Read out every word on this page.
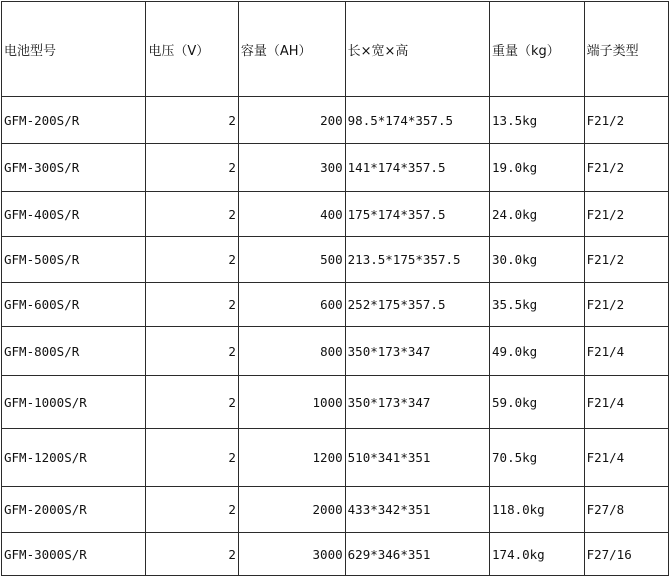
电池型号	电压（V）	容量（AH）	长×宽×高	重量（kg）	端子类型
GFM-200S/R	2	200	98.5*174*357.5	13.5kg	F21/2
GFM-300S/R	2	300	141*174*357.5	19.0kg	F21/2
GFM-400S/R	2	400	175*174*357.5	24.0kg	F21/2
GFM-500S/R	2	500	213.5*175*357.5	30.0kg	F21/2
GFM-600S/R	2	600	252*175*357.5	35.5kg	F21/2
GFM-800S/R	2	800	350*173*347	49.0kg	F21/4
GFM-1000S/R	2	1000	350*173*347	59.0kg	F21/4
GFM-1200S/R	2	1200	510*341*351	70.5kg	F21/4
GFM-2000S/R	2	2000	433*342*351	118.0kg	F27/8
GFM-3000S/R	2	3000	629*346*351	174.0kg	F27/16
